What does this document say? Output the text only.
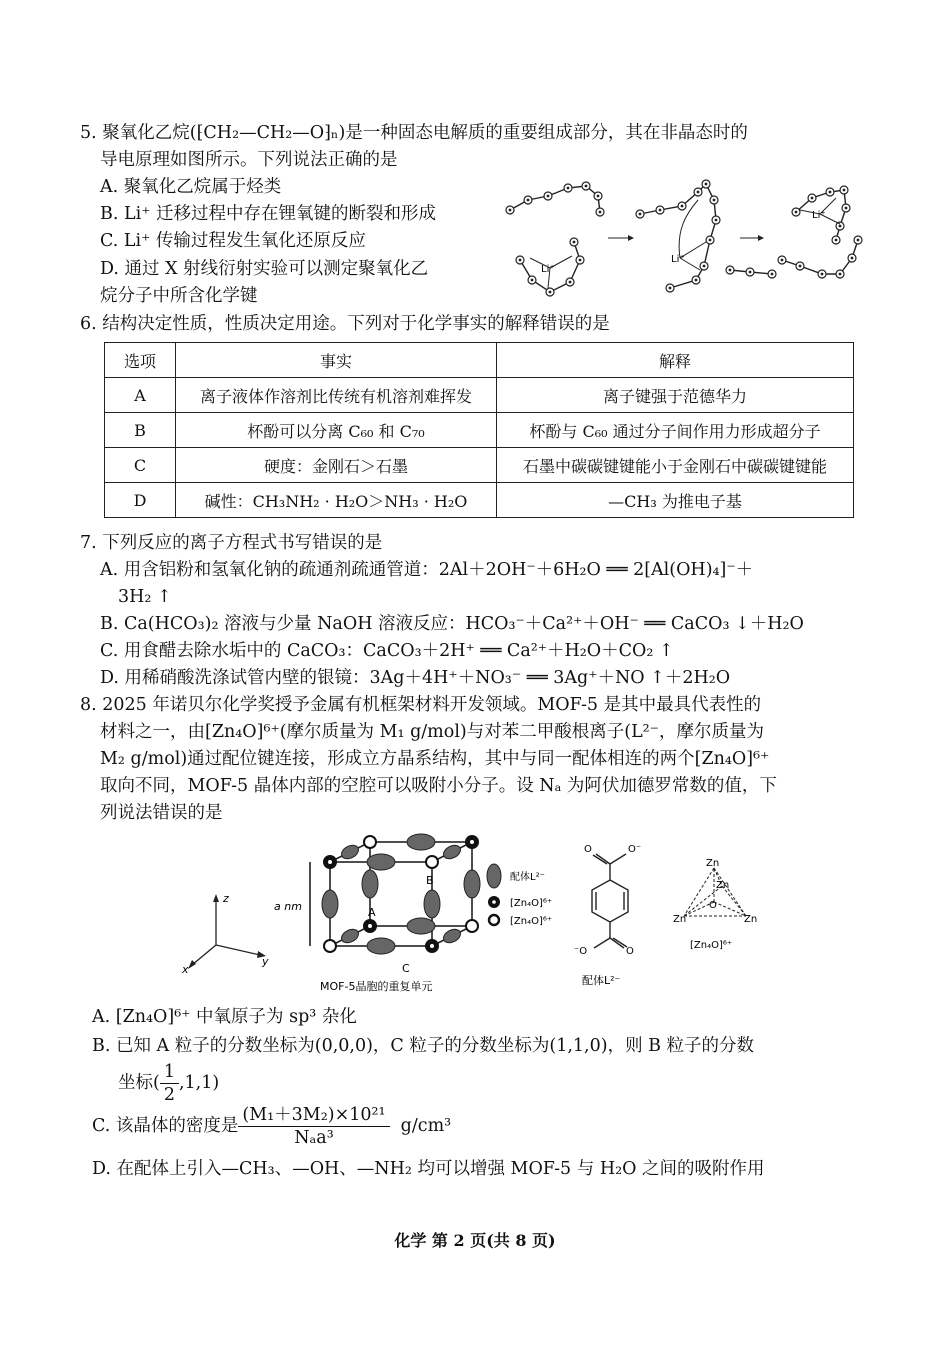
5. 聚氧化乙烷(⁅CH₂—CH₂—O⁆ₙ)是一种固态电解质的重要组成部分，其在非晶态时的
导电原理如图所示。下列说法正确的是
A. 聚氧化乙烷属于烃类
B. Li⁺ 迁移过程中存在锂氧键的断裂和形成
C. Li⁺ 传输过程发生氧化还原反应
D. 通过 X 射线衍射实验可以测定聚氧化乙
烷分子中所含化学键
Li⁺
Li⁺
Li⁺
6. 结构决定性质，性质决定用途。下列对于化学事实的解释错误的是
选项	事实	解释
A	离子液体作溶剂比传统有机溶剂难挥发	离子键强于范德华力
B	杯酚可以分离 C₆₀ 和 C₇₀	杯酚与 C₆₀ 通过分子间作用力形成超分子
C	硬度：金刚石＞石墨	石墨中碳碳键键能小于金刚石中碳碳键键能
D	碱性：CH₃NH₂ · H₂O＞NH₃ · H₂O	—CH₃ 为推电子基
7. 下列反应的离子方程式书写错误的是
A. 用含铝粉和氢氧化钠的疏通剂疏通管道：2Al＋2OH⁻＋6H₂O ══ 2[Al(OH)₄]⁻＋
3H₂ ↑
B. Ca(HCO₃)₂ 溶液与少量 NaOH 溶液反应：HCO₃⁻＋Ca²⁺＋OH⁻ ══ CaCO₃ ↓＋H₂O
C. 用食醋去除水垢中的 CaCO₃：CaCO₃＋2H⁺ ══ Ca²⁺＋H₂O＋CO₂ ↑
D. 用稀硝酸洗涤试管内壁的银镜：3Ag＋4H⁺＋NO₃⁻ ══ 3Ag⁺＋NO ↑＋2H₂O
8. 2025 年诺贝尔化学奖授予金属有机框架材料开发领域。MOF-5 是其中最具代表性的
材料之一，由[Zn₄O]⁶⁺(摩尔质量为 M₁ g/mol)与对苯二甲酸根离子(L²⁻，摩尔质量为
M₂ g/mol)通过配位键连接，形成立方晶系结构，其中与同一配体相连的两个[Zn₄O]⁶⁺
取向不同，MOF-5 晶体内部的空腔可以吸附小分子。设 Nₐ 为阿伏加德罗常数的值，下
列说法错误的是
z
x
y
a nm	A
B
C
MOF-5晶胞的重复单元
配体L²⁻
[Zn₄O]⁶⁺
[Zn₄O]⁶⁺
O⁻
O
⁻O	O
配体L²⁻
Zn
Zn
Zn	Zn
O
[Zn₄O]⁶⁺
A. [Zn₄O]⁶⁺ 中氧原子为 sp³ 杂化
B. 已知 A 粒子的分数坐标为(0,0,0)，C 粒子的分数坐标为(1,1,0)，则 B 粒子的分数
坐标( $\frac{1}{2} ,1,1$)
C. 该晶体的密度是 $\frac{\text{(M₁＋3M₂)×10²¹}}{\text{Nₐa³}} g/cm^3$
D. 在配体上引入—CH₃、—OH、—NH₂ 均可以增强 MOF-5 与 H₂O 之间的吸附作用
化学 第 2 页(共 8 页)
